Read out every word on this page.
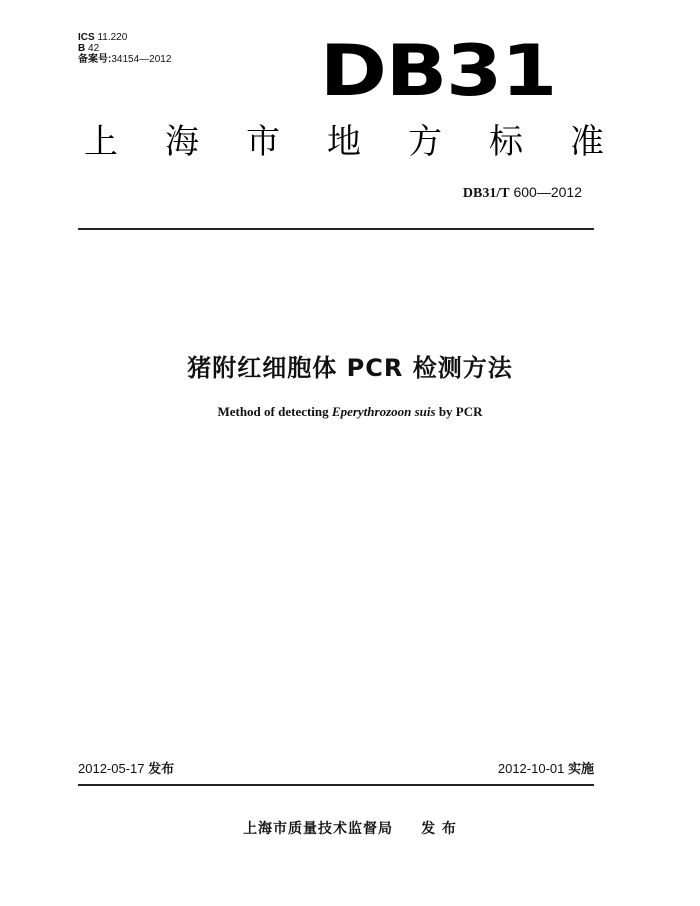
ICS 11.220
B 42
备案号:34154—2012 DB31
上 海 市 地 方 标 准
DB31/T 600—2012
猪附红细胞体 PCR 检测方法
Method of detecting Eperythrozoon suis by PCR
2012-05-17 发布	2012-10-01 实施
上海市质量技术监督局 发 布
